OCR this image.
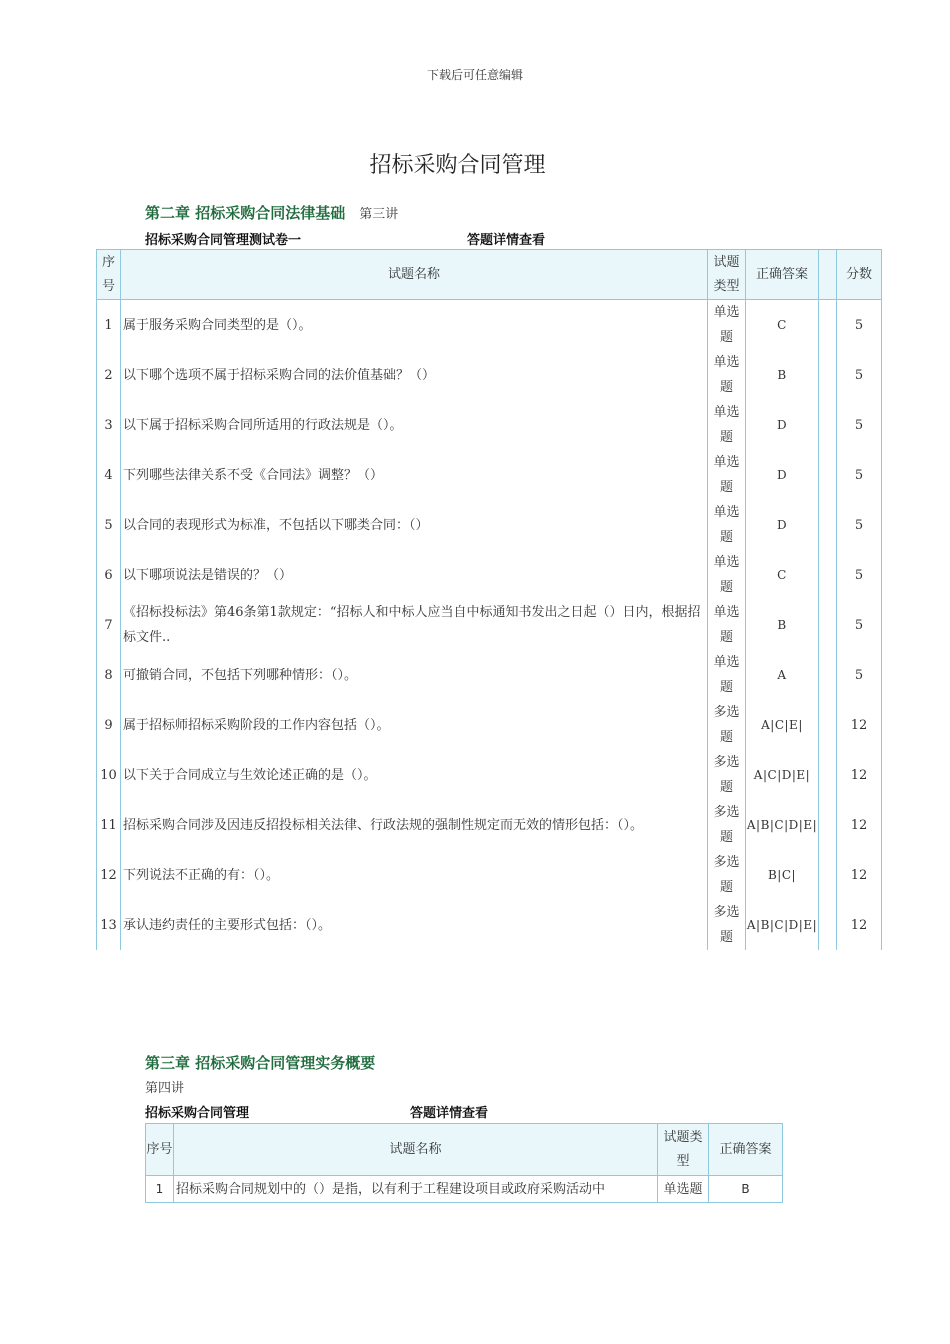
下载后可任意编辑
招标采购合同管理
第二章 招标采购合同法律基础 第三讲
招标采购合同管理测试卷一	答题详情查看
序号	试题名称	试题类型	正确答案		分数
1	属于服务采购合同类型的是（）。	单选题	C		5
2	以下哪个选项不属于招标采购合同的法价值基础？（）	单选题	B		5
3	以下属于招标采购合同所适用的行政法规是（）。	单选题	D		5
4	下列哪些法律关系不受《合同法》调整？（）	单选题	D		5
5	以合同的表现形式为标准，不包括以下哪类合同：（）	单选题	D		5
6	以下哪项说法是错误的？（）	单选题	C		5
7	《招标投标法》第46条第1款规定：“招标人和中标人应当自中标通知书发出之日起（）日内，根据招标文件..	单选题	B		5
8	可撤销合同，不包括下列哪种情形：（）。	单选题	A		5
9	属于招标师招标采购阶段的工作内容包括（）。	多选题	A|C|E|		12
10	以下关于合同成立与生效论述正确的是（）。	多选题	A|C|D|E|		12
11	招标采购合同涉及因违反招投标相关法律、行政法规的强制性规定而无效的情形包括：（）。	多选题	A|B|C|D|E|		12
12	下列说法不正确的有：（）。	多选题	B|C|		12
13	承认违约责任的主要形式包括：（）。	多选题	A|B|C|D|E|		12
第三章 招标采购合同管理实务概要
第四讲
招标采购合同管理	答题详情查看
序号	试题名称	试题类型	正确答案
1	招标采购合同规划中的（）是指，以有利于工程建设项目或政府采购活动中	单选题	B
